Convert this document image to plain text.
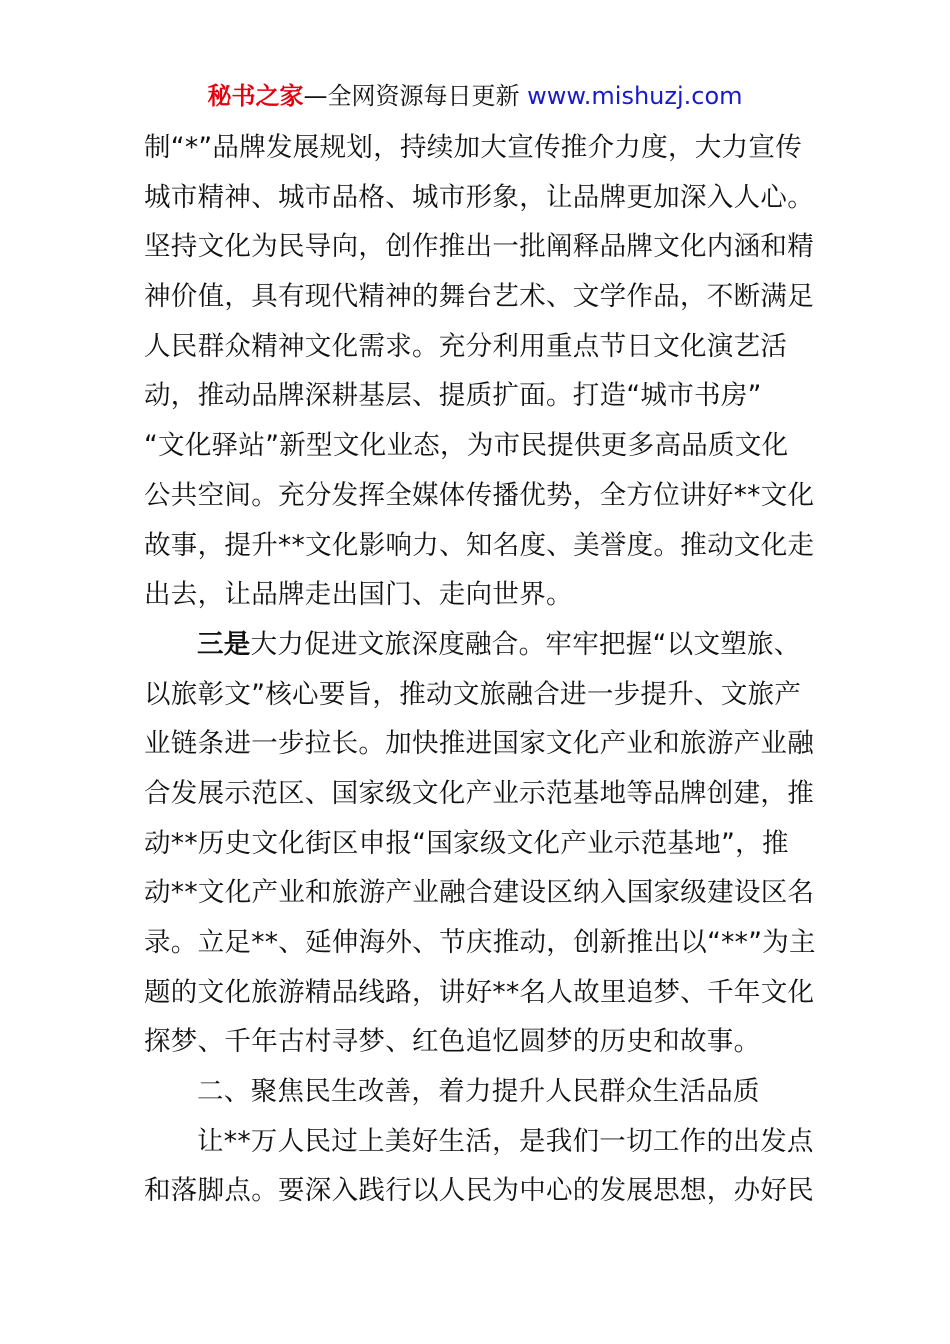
秘书之家—全网资源每日更新 www.mishuzj.com
制“*”品牌发展规划，持续加大宣传推介力度，大力宣传
城市精神、城市品格、城市形象，让品牌更加深入人心。
坚持文化为民导向，创作推出一批阐释品牌文化内涵和精
神价值，具有现代精神的舞台艺术、文学作品，不断满足
人民群众精神文化需求。充分利用重点节日文化演艺活
动，推动品牌深耕基层、提质扩面。打造“城市书房”
“文化驿站”新型文化业态，为市民提供更多高品质文化
公共空间。充分发挥全媒体传播优势，全方位讲好**文化
故事，提升**文化影响力、知名度、美誉度。推动文化走
出去，让品牌走出国门、走向世界。
三是大力促进文旅深度融合。牢牢把握“以文塑旅、
以旅彰文”核心要旨，推动文旅融合进一步提升、文旅产
业链条进一步拉长。加快推进国家文化产业和旅游产业融
合发展示范区、国家级文化产业示范基地等品牌创建，推
动**历史文化街区申报“国家级文化产业示范基地”，推
动**文化产业和旅游产业融合建设区纳入国家级建设区名
录。立足**、延伸海外、节庆推动，创新推出以“**”为主
题的文化旅游精品线路，讲好**名人故里追梦、千年文化
探梦、千年古村寻梦、红色追忆圆梦的历史和故事。
二、聚焦民生改善，着力提升人民群众生活品质
让**万人民过上美好生活，是我们一切工作的出发点
和落脚点。要深入践行以人民为中心的发展思想，办好民
